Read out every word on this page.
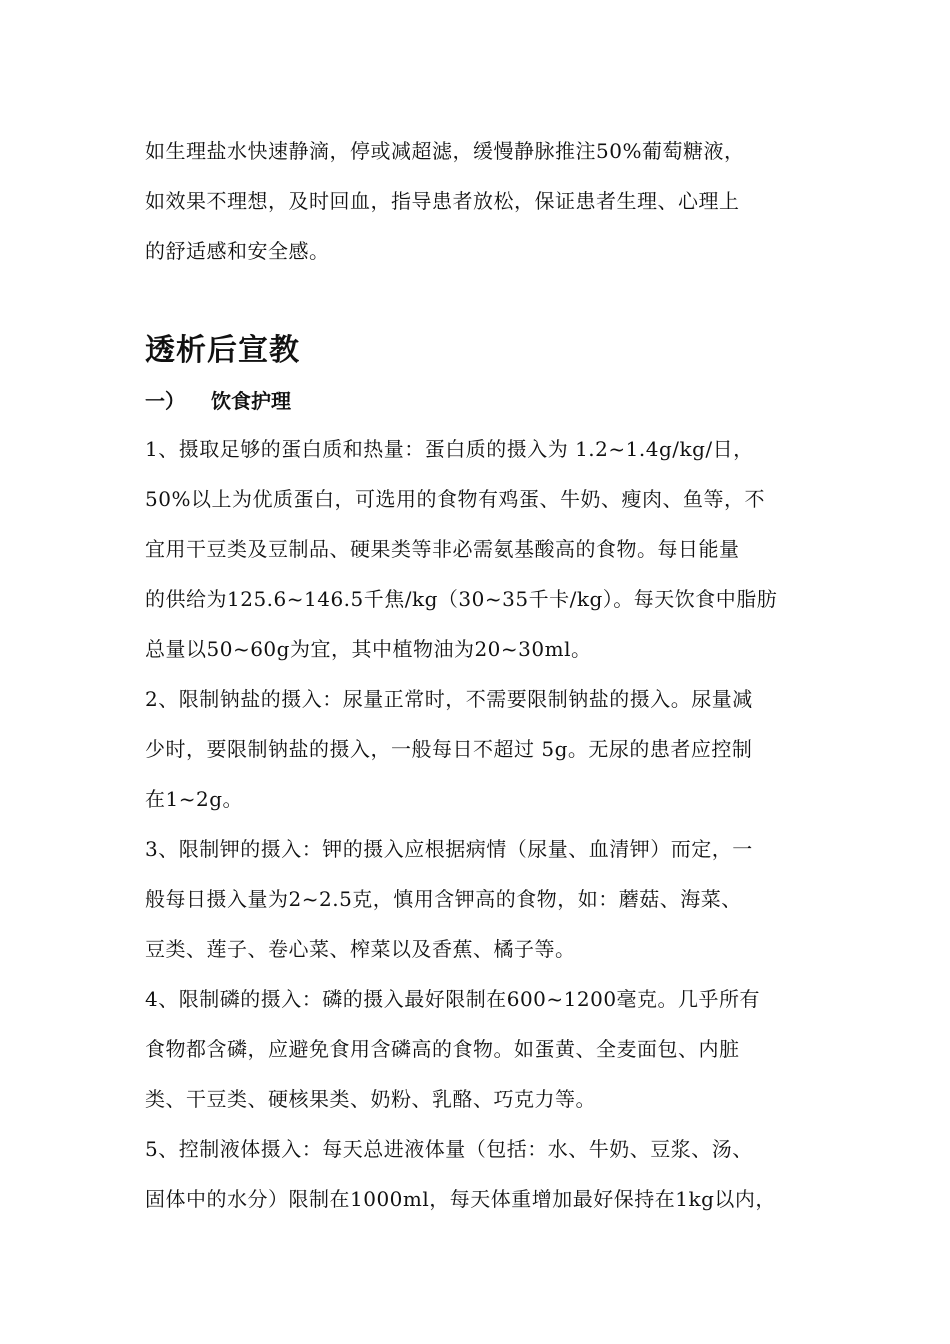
如生理盐水快速静滴，停或减超滤，缓慢静脉推注50%葡萄糖液，
如效果不理想，及时回血，指导患者放松，保证患者生理、心理上
的舒适感和安全感。
透析后宣教
一） 饮食护理
1、摄取足够的蛋白质和热量：蛋白质的摄入为 1.2~1.4g/kg/日，
50%以上为优质蛋白，可选用的食物有鸡蛋、牛奶、瘦肉、鱼等，不
宜用干豆类及豆制品、硬果类等非必需氨基酸高的食物。每日能量
的供给为125.6~146.5千焦/kg（30~35千卡/kg）。每天饮食中脂肪
总量以50~60g为宜，其中植物油为20~30ml。
2、限制钠盐的摄入：尿量正常时，不需要限制钠盐的摄入。尿量减
少时，要限制钠盐的摄入，一般每日不超过 5g。无尿的患者应控制
在1~2g。
3、限制钾的摄入：钾的摄入应根据病情（尿量、血清钾）而定，一
般每日摄入量为2~2.5克，慎用含钾高的食物，如：蘑菇、海菜、
豆类、莲子、卷心菜、榨菜以及香蕉、橘子等。
4、限制磷的摄入：磷的摄入最好限制在600~1200毫克。几乎所有
食物都含磷，应避免食用含磷高的食物。如蛋黄、全麦面包、内脏
类、干豆类、硬核果类、奶粉、乳酪、巧克力等。
5、控制液体摄入：每天总进液体量（包括：水、牛奶、豆浆、汤、
固体中的水分）限制在1000ml，每天体重增加最好保持在1kg以内，
